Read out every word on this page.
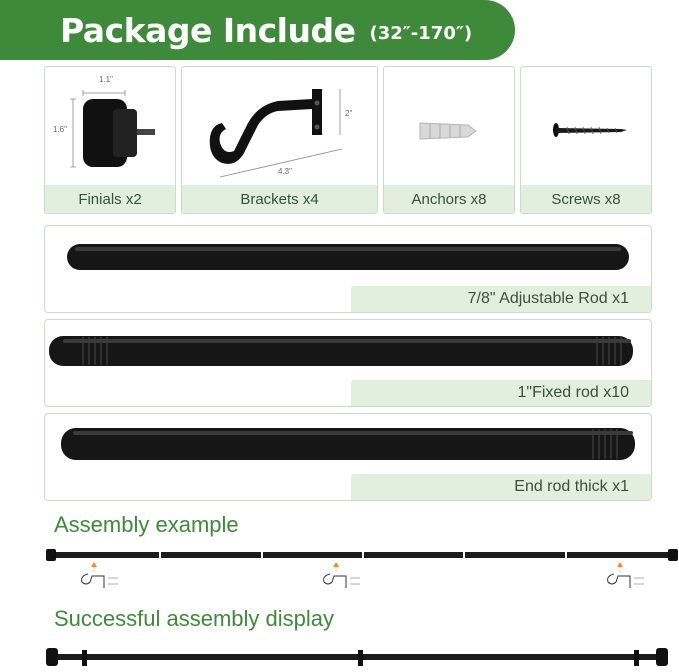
Package Include (32″-170″)
1.1"
1.6"
Finials x2
2"
4.3"
Brackets x4	Anchors x8	Screws x8
7/8" Adjustable Rod x1
1"Fixed rod x10
End rod thick x1
Assembly example
Successful assembly display
